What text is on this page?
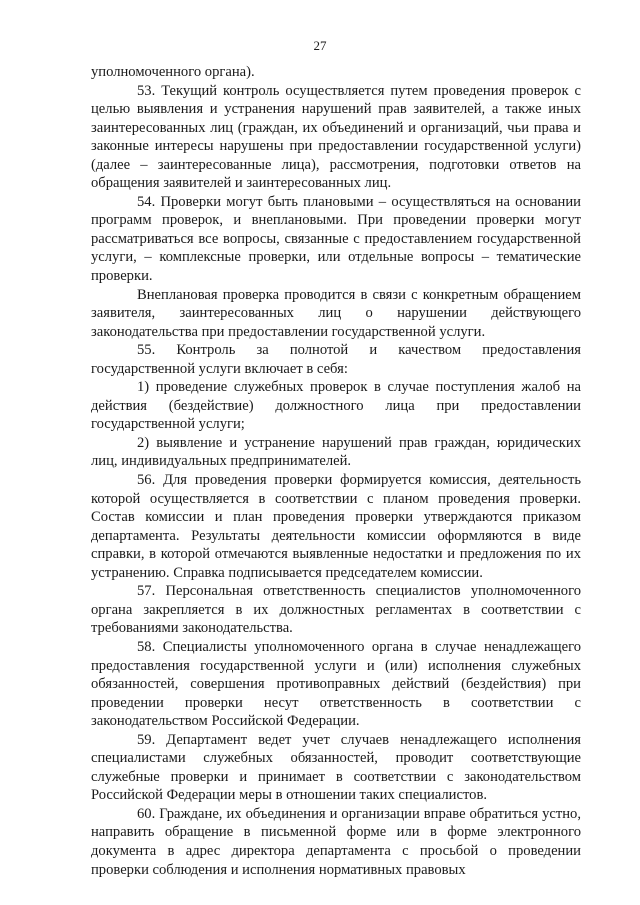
27

уполномоченного органа).

53. Текущий контроль осуществляется путем проведения проверок с целью выявления и устранения нарушений прав заявителей, а также иных заинтересованных лиц (граждан, их объединений и организаций, чьи права и законные интересы нарушены при предоставлении государственной услуги) (далее – заинтересованные лица), рассмотрения, подготовки ответов на обращения заявителей и заинтересованных лиц.

54. Проверки могут быть плановыми – осуществляться на основании программ проверок, и внеплановыми. При проведении проверки могут рассматриваться все вопросы, связанные с предоставлением государственной услуги, – комплексные проверки, или отдельные вопросы – тематические проверки.

Внеплановая проверка проводится в связи с конкретным обращением заявителя, заинтересованных лиц о нарушении действующего законодательства при предоставлении государственной услуги.

55. Контроль за полнотой и качеством предоставления государственной услуги включает в себя:

1) проведение служебных проверок в случае поступления жалоб на действия (бездействие) должностного лица при предоставлении государственной услуги;

2) выявление и устранение нарушений прав граждан, юридических лиц, индивидуальных предпринимателей.

56. Для проведения проверки формируется комиссия, деятельность которой осуществляется в соответствии с планом проведения проверки. Состав комиссии и план проведения проверки утверждаются приказом департамента. Результаты деятельности комиссии оформляются в виде справки, в которой отмечаются выявленные недостатки и предложения по их устранению. Справка подписывается председателем комиссии.

57. Персональная ответственность специалистов уполномоченного органа закрепляется в их должностных регламентах в соответствии с требованиями законодательства.

58. Специалисты уполномоченного органа в случае ненадлежащего предоставления государственной услуги и (или) исполнения служебных обязанностей, совершения противоправных действий (бездействия) при проведении проверки несут ответственность в соответствии с законодательством Российской Федерации.

59. Департамент ведет учет случаев ненадлежащего исполнения специалистами служебных обязанностей, проводит соответствующие служебные проверки и принимает в соответствии с законодательством Российской Федерации меры в отношении таких специалистов.

60. Граждане, их объединения и организации вправе обратиться устно, направить обращение в письменной форме или в форме электронного документа в адрес директора департамента с просьбой о проведении проверки соблюдения и исполнения нормативных правовых
